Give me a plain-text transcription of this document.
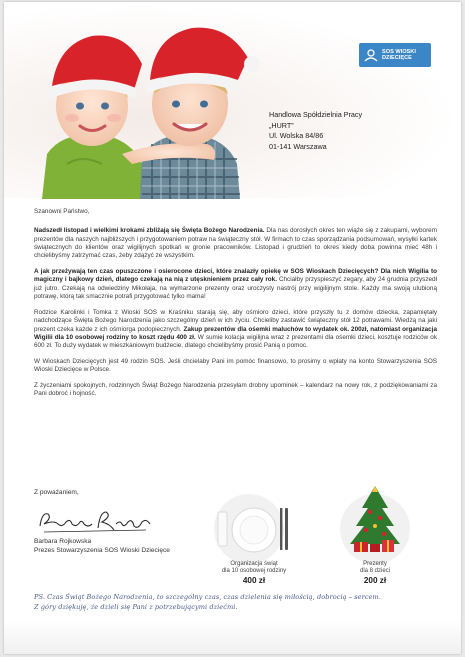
SOS WIOSKI
DZIECIĘCE
Handlowa Spółdzielnia Pracy
„HURT”
Ul. Wolska 84/86
01-141 Warszawa

Szanowni Państwo,

Nadszedł listopad i wielkimi krokami zbliżają się Święta Bożego Narodzenia. Dla nas dorosłych okres ten wiąże się z zakupami, wyborem prezentów dla naszych najbliższych i przygotowaniem potraw na świąteczny stół. W firmach to czas sporządzania podsumowań, wysyłki kartek świątecznych do klientów oraz wigilijnych spotkań w gronie pracowników. Listopad i grudzień to okres kiedy doba powinna mieć 48h i chcielibyśmy zatrzymać czas, żeby zdążyć ze wszystkim.

A jak przeżywają ten czas opuszczone i osierocone dzieci, które znalazły opiekę w SOS Wioskach Dziecięcych? Dla nich Wigilia to magiczny i bajkowy dzień, dlatego czekają na nią z utęsknieniem przez cały rok. Chciałby przyspieszyć zegary, aby 24 grudnia przyszedł już jutro. Czekają na odwiedziny Mikołaja, na wymarzone prezenty oraz uroczysty nastrój przy wigilijnym stole. Każdy ma swoją ulubioną potrawę, którą tak smacznie potrafi przygotować tylko mama!

Rodzice Karolinki i Tomka z Wioski SOS w Kraśniku starają się, aby ośmioro dzieci, które przyszły tu z domów dziecka, zapamiętały nadchodzące Święta Bożego Narodzenia jako szczególny dzień w ich życiu. Chcieliby zastawić świąteczny stół 12 potrawami. Wiedzą na jaki prezent czeka każde z ich ośmiorga podopiecznych. Zakup prezentów dla ośemki maluchów to wydatek ok. 200zł, natomiast organizacja Wigilii dla 10 osobowej rodziny to koszt rzędu 400 zł. W sumie kolacja wigilijna wraz z prezentami dla ośemki dzieci, kosztuje rodziców ok 600 zł. To duży wydatek w mieszkaniowym budżecie, dlatego chcielibyśmy prosić Panią o pomoc.

W Wioskach Dziecięcych jest 49 rodzin SOS. Jeśli chcielaby Pani im pomóc finansowo, to prosimy o wpłaty na konto Stowarzyszenia SOS Wioski Dziecięce w Polsce.

Z życzeniami spokojnych, rodzinnych Świąt Bożego Narodzenia przesyłam drobny upominek – kalendarz na nowy rok, z podziękowaniami za Pani dobroć i hojność.

Z poważaniem,
Barbara Rojkowska
Prezes Stowarzyszenia SOS Wioski Dziecięce
Organizacja świąt
dla 10 osobowej rodziny
400 zł
Prezenty
dla 8 dzieci
200 zł
PS. Czas Świąt Bożego Narodzenia, to szczególny czas, czas dzielenia się miłością, dobrocią – sercem.
Z góry dziękuję, że dzieli się Pani z potrzebującymi dziećmi.
